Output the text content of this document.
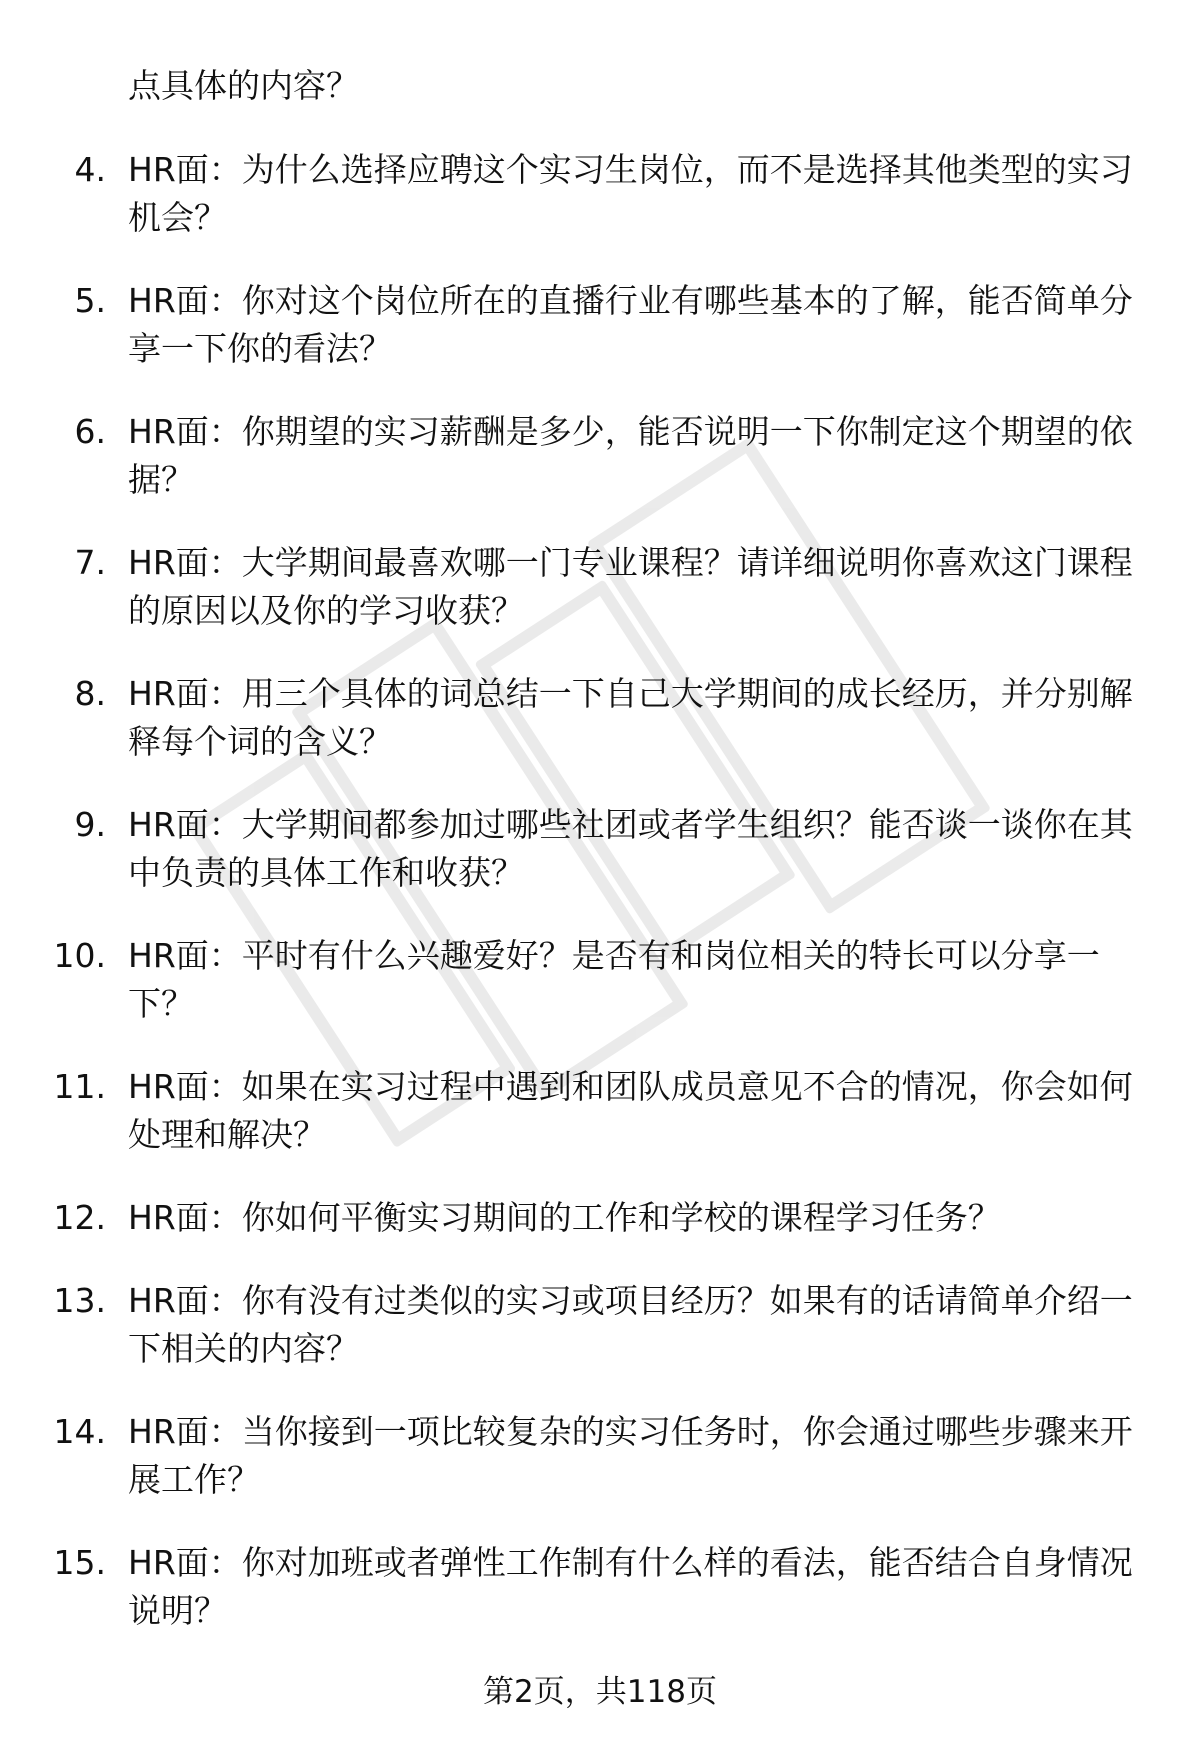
点具体的内容？

4. HR面：为什么选择应聘这个实习生岗位，而不是选择其他类型的实习机会？
5. HR面：你对这个岗位所在的直播行业有哪些基本的了解，能否简单分享一下你的看法？
6. HR面：你期望的实习薪酬是多少，能否说明一下你制定这个期望的依据？
7. HR面：大学期间最喜欢哪一门专业课程？请详细说明你喜欢这门课程的原因以及你的学习收获？
8. HR面：用三个具体的词总结一下自己大学期间的成长经历，并分别解释每个词的含义？
9. HR面：大学期间都参加过哪些社团或者学生组织？能否谈一谈你在其中负责的具体工作和收获？
10. HR面：平时有什么兴趣爱好？是否有和岗位相关的特长可以分享一下？
11. HR面：如果在实习过程中遇到和团队成员意见不合的情况，你会如何处理和解决？
12. HR面：你如何平衡实习期间的工作和学校的课程学习任务？
13. HR面：你有没有过类似的实习或项目经历？如果有的话请简单介绍一下相关的内容？
14. HR面：当你接到一项比较复杂的实习任务时，你会通过哪些步骤来开展工作？
15. HR面：你对加班或者弹性工作制有什么样的看法，能否结合自身情况说明？

第2页，共118页
